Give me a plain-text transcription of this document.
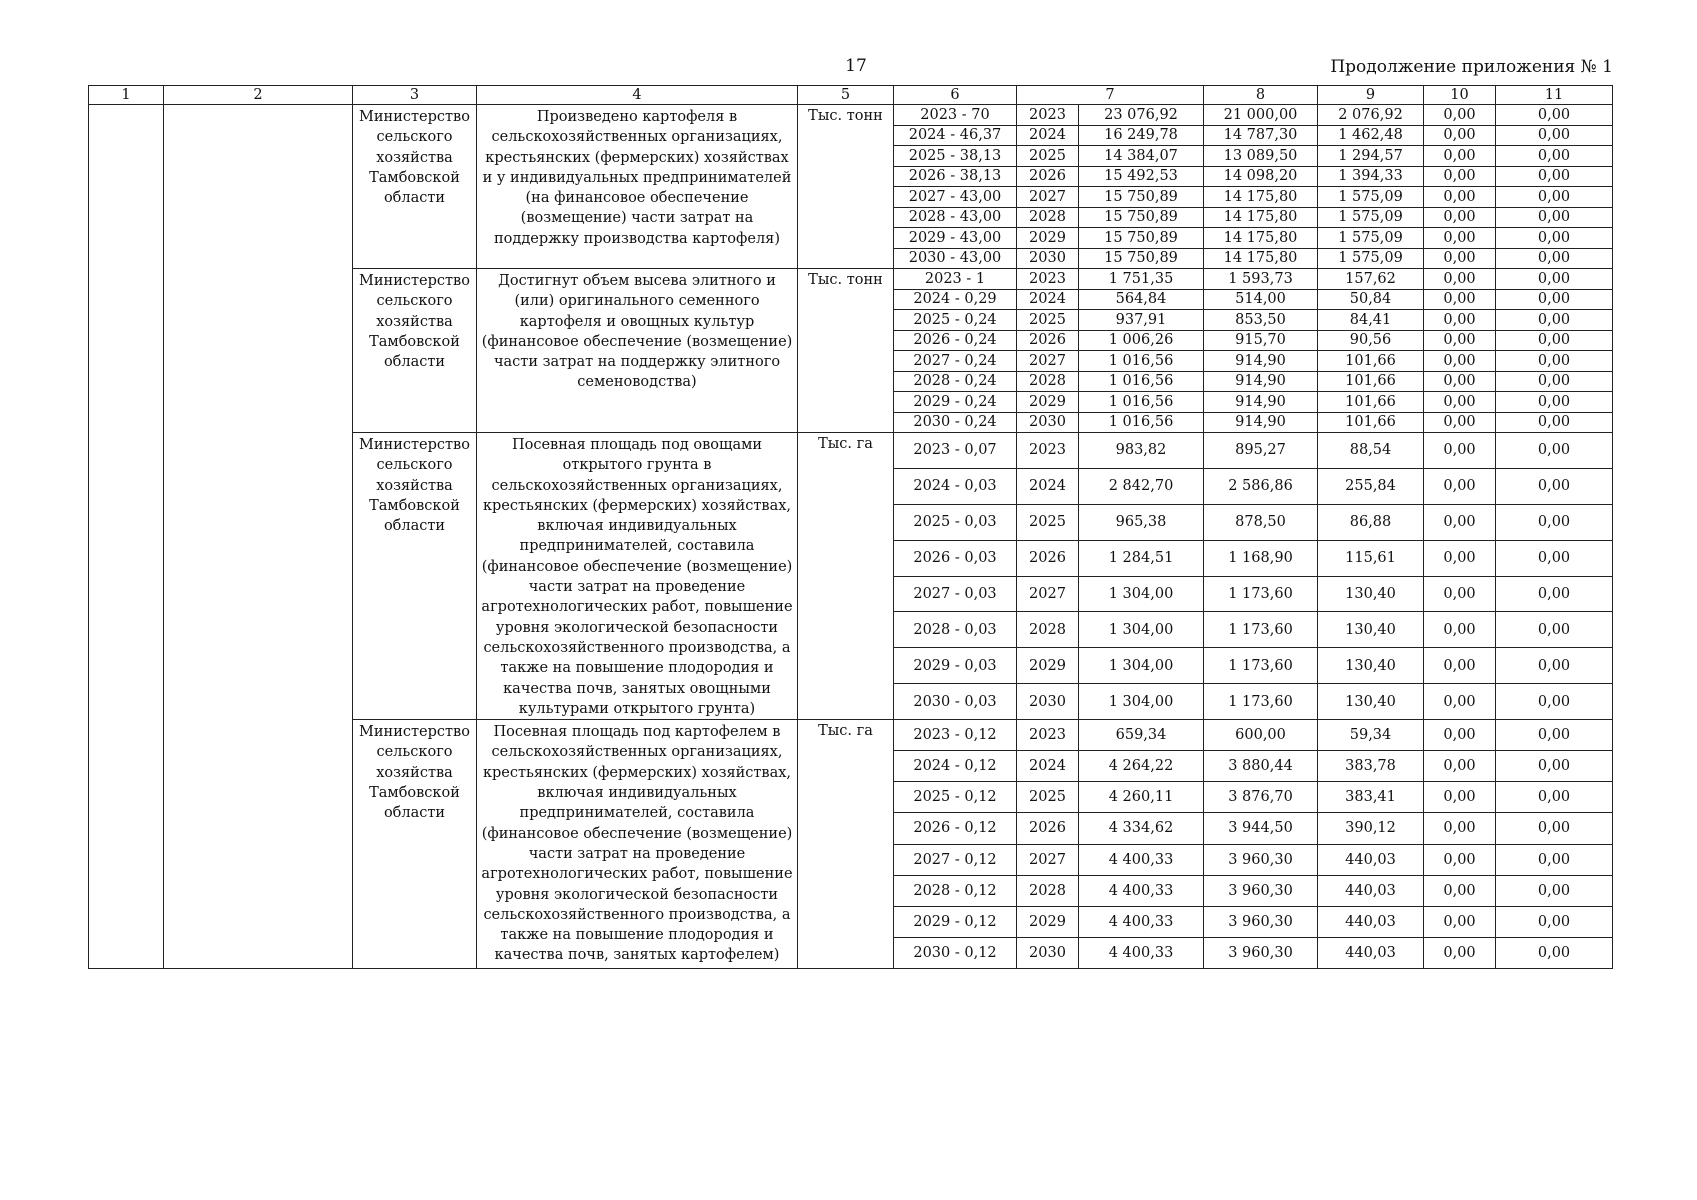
17	Продолжение приложения № 1
1	2	3	4	5	6	7		8	9	10	11
		Министерство сельского хозяйства Тамбовской области	Произведено картофеля в сельскохозяйственных организациях, крестьянских (фермерских) хозяйствах и у индивидуальных предпринимателей (на финансовое обеспечение (возмещение) части затрат на поддержку производства картофеля)	Тыс. тонн	2023 - 70	2023	23 076,92	21 000,00	2 076,92	0,00	0,00
					2024 - 46,37	2024	16 249,78	14 787,30	1 462,48	0,00	0,00
					2025 - 38,13	2025	14 384,07	13 089,50	1 294,57	0,00	0,00
					2026 - 38,13	2026	15 492,53	14 098,20	1 394,33	0,00	0,00
					2027 - 43,00	2027	15 750,89	14 175,80	1 575,09	0,00	0,00
					2028 - 43,00	2028	15 750,89	14 175,80	1 575,09	0,00	0,00
					2029 - 43,00	2029	15 750,89	14 175,80	1 575,09	0,00	0,00
					2030 - 43,00	2030	15 750,89	14 175,80	1 575,09	0,00	0,00
		Министерство сельского хозяйства Тамбовской области	Достигнут объем высева элитного и (или) оригинального семенного картофеля и овощных культур (финансовое обеспечение (возмещение) части затрат на поддержку элитного семеноводства)	Тыс. тонн	2023 - 1	2023	1 751,35	1 593,73	157,62	0,00	0,00
					2024 - 0,29	2024	564,84	514,00	50,84	0,00	0,00
					2025 - 0,24	2025	937,91	853,50	84,41	0,00	0,00
					2026 - 0,24	2026	1 006,26	915,70	90,56	0,00	0,00
					2027 - 0,24	2027	1 016,56	914,90	101,66	0,00	0,00
					2028 - 0,24	2028	1 016,56	914,90	101,66	0,00	0,00
					2029 - 0,24	2029	1 016,56	914,90	101,66	0,00	0,00
					2030 - 0,24	2030	1 016,56	914,90	101,66	0,00	0,00
		Министерство сельского хозяйства Тамбовской области	Посевная площадь под овощами открытого грунта в сельскохозяйственных организациях, крестьянских (фермерских) хозяйствах, включая индивидуальных предпринимателей, составила (финансовое обеспечение (возмещение) части затрат на проведение агротехнологических работ, повышение уровня экологической безопасности сельскохозяйственного производства, а также на повышение плодородия и качества почв, занятых овощными культурами открытого грунта)	Тыс. га	2023 - 0,07	2023	983,82	895,27	88,54	0,00	0,00
					2024 - 0,03	2024	2 842,70	2 586,86	255,84	0,00	0,00
					2025 - 0,03	2025	965,38	878,50	86,88	0,00	0,00
					2026 - 0,03	2026	1 284,51	1 168,90	115,61	0,00	0,00
					2027 - 0,03	2027	1 304,00	1 173,60	130,40	0,00	0,00
					2028 - 0,03	2028	1 304,00	1 173,60	130,40	0,00	0,00
					2029 - 0,03	2029	1 304,00	1 173,60	130,40	0,00	0,00
					2030 - 0,03	2030	1 304,00	1 173,60	130,40	0,00	0,00
		Министерство сельского хозяйства Тамбовской области	Посевная площадь под картофелем в сельскохозяйственных организациях, крестьянских (фермерских) хозяйствах, включая индивидуальных предпринимателей, составила (финансовое обеспечение (возмещение) части затрат на проведение агротехнологических работ, повышение уровня экологической безопасности сельскохозяйственного производства, а также на повышение плодородия и качества почв, занятых картофелем)	Тыс. га	2023 - 0,12	2023	659,34	600,00	59,34	0,00	0,00
					2024 - 0,12	2024	4 264,22	3 880,44	383,78	0,00	0,00
					2025 - 0,12	2025	4 260,11	3 876,70	383,41	0,00	0,00
					2026 - 0,12	2026	4 334,62	3 944,50	390,12	0,00	0,00
					2027 - 0,12	2027	4 400,33	3 960,30	440,03	0,00	0,00
					2028 - 0,12	2028	4 400,33	3 960,30	440,03	0,00	0,00
					2029 - 0,12	2029	4 400,33	3 960,30	440,03	0,00	0,00
					2030 - 0,12	2030	4 400,33	3 960,30	440,03	0,00	0,00
